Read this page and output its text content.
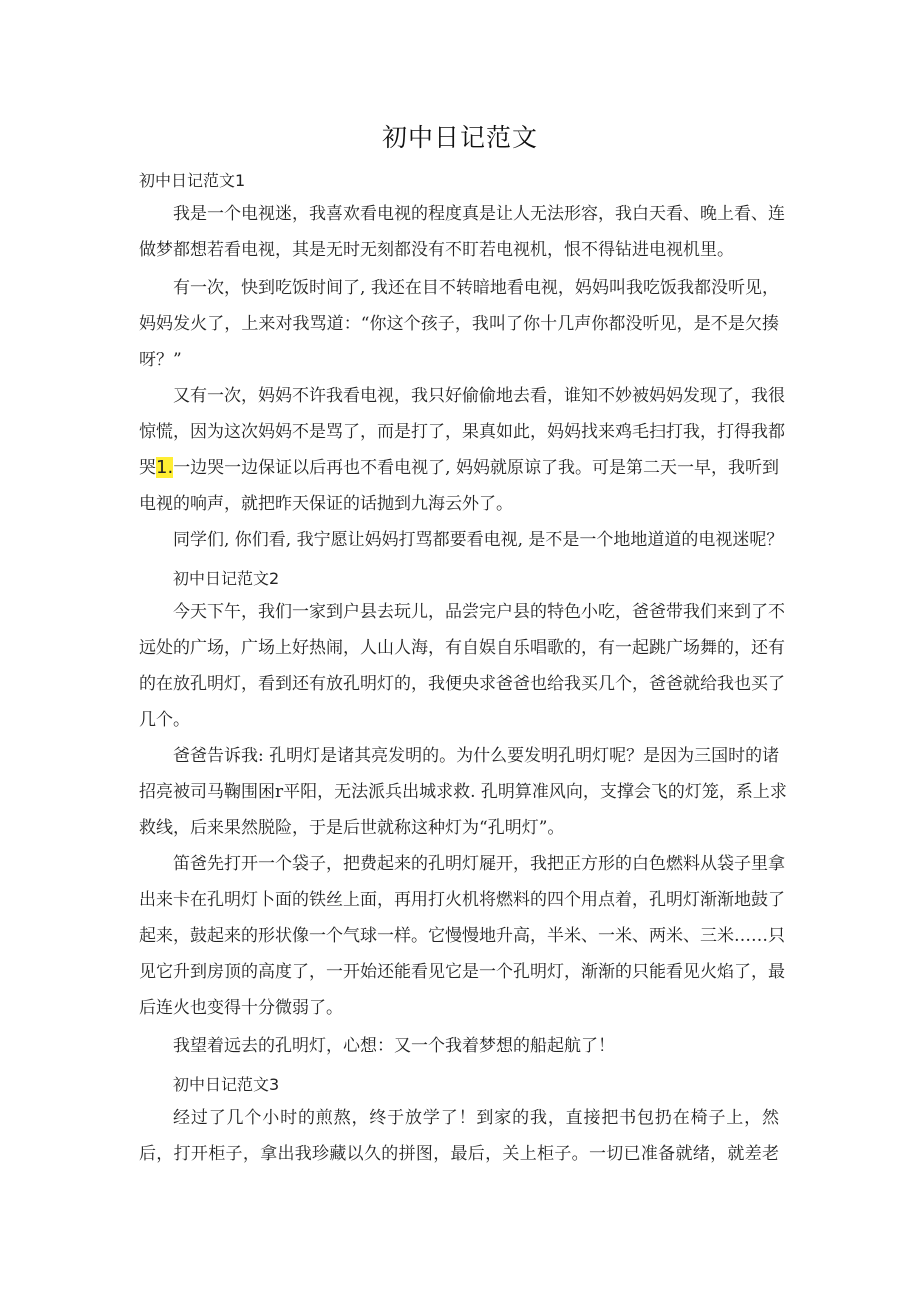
初中日记范文
初中日记范文1
我是一个电视迷，我喜欢看电视的程度真是让人无法形容，我白天看、晚上看、连
做梦都想若看电视，其是无时无刻都没有不盯若电视机，恨不得钻进电视机里。
有一次，快到吃饭时间了, 我还在目不转暗地看电视，妈妈叫我吃饭我都没听见，
妈妈发火了，上来对我骂道：“你这个孩子，我叫了你十几声你都没听见，是不是欠揍
呀？”
又有一次，妈妈不许我看电视，我只好偷偷地去看，谁知不妙被妈妈发现了，我很
惊慌，因为这次妈妈不是骂了，而是打了，果真如此，妈妈找来鸡毛扫打我，打得我都
哭1.一边哭一边保证以后再也不看电视了, 妈妈就原谅了我。可是第二天一早，我听到
电视的响声，就把昨天保证的话抛到九海云外了。
同学们, 你们看, 我宁愿让妈妈打骂都要看电视, 是不是一个地地道道的电视迷呢？
初中日记范文2
今天下午，我们一家到户县去玩儿，品尝完户县的特色小吃，爸爸带我们来到了不
远处的广场，广场上好热闹，人山人海，有自娱自乐唱歌的，有一起跳广场舞的，还有
的在放孔明灯，看到还有放孔明灯的，我便央求爸爸也给我买几个，爸爸就给我也买了
几个。
爸爸告诉我: 孔明灯是诸其亮发明的。为什么要发明孔明灯呢？是因为三国时的诸
招亮被司马鞠围困r平阳，无法派兵出城求救. 孔明算准风向，支撑会飞的灯笼，系上求
救线，后来果然脱险，于是后世就称这种灯为“孔明灯”。
笛爸先打开一个袋子，把费起来的孔明灯屣开，我把正方形的白色燃料从袋子里拿
出来卡在孔明灯卜面的铁丝上面，再用打火机将燃料的四个用点着，孔明灯渐渐地鼓了
起来，鼓起来的形状像一个气球一样。它慢慢地升高，半米、一米、两米、三米……只
见它升到房顶的高度了，一开始还能看见它是一个孔明灯，渐渐的只能看见火焰了，最
后连火也变得十分微弱了。
我望着远去的孔明灯，心想：又一个我着梦想的船起航了！
初中日记范文3
经过了几个小时的煎熬，终于放学了！到家的我，直接把书包扔在椅子上，然
后，打开柜子，拿出我珍藏以久的拼图，最后，关上柜子。一切已准备就绪，就差老
